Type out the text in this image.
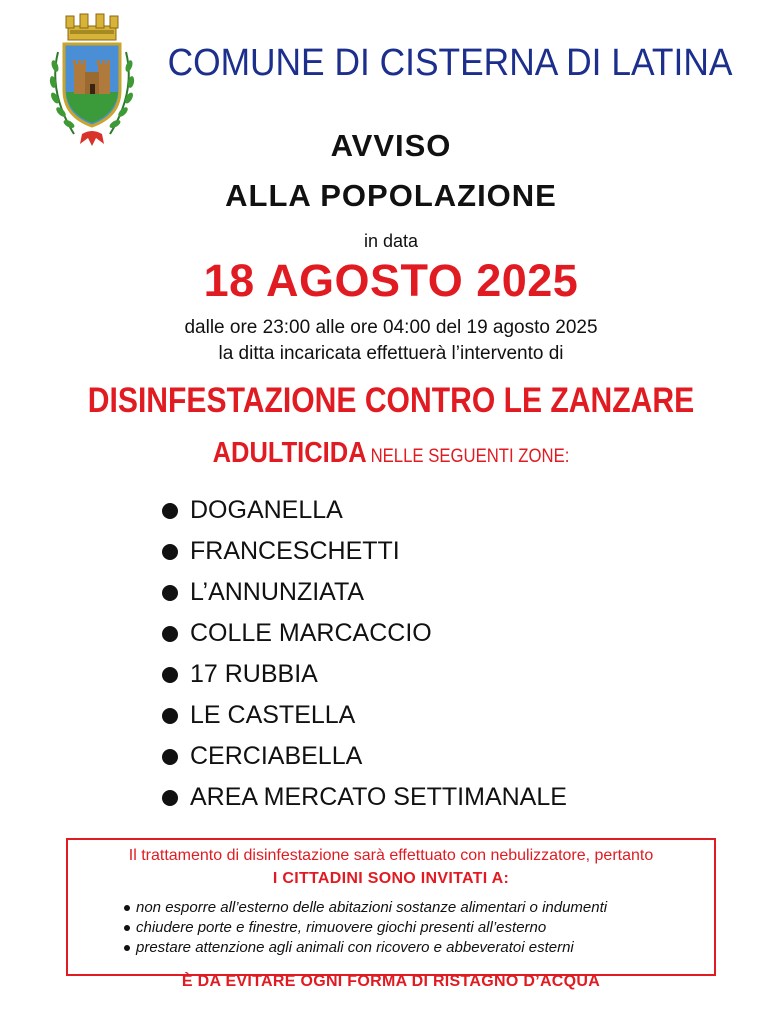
COMUNE DI CISTERNA DI LATINA
AVVISO
ALLA POPOLAZIONE
in data
18 AGOSTO 2025
dalle ore 23:00 alle ore 04:00 del 19 agosto 2025
la ditta incaricata effettuerà l’intervento di
DISINFESTAZIONE CONTRO LE ZANZARE
ADULTICIDA NELLE SEGUENTI ZONE:
DOGANELLA
FRANCESCHETTI
L’ANNUNZIATA
COLLE MARCACCIO
17 RUBBIA
LE CASTELLA
CERCIABELLA
AREA MERCATO SETTIMANALE
Il trattamento di disinfestazione sarà effettuato con nebulizzatore, pertanto
I CITTADINI SONO INVITATI A:
non esporre all’esterno delle abitazioni sostanze alimentari o indumenti
chiudere porte e finestre, rimuovere giochi presenti all’esterno
prestare attenzione agli animali con ricovero e abbeveratoi esterni
È DA EVITARE OGNI FORMA DI RISTAGNO D’ACQUA
